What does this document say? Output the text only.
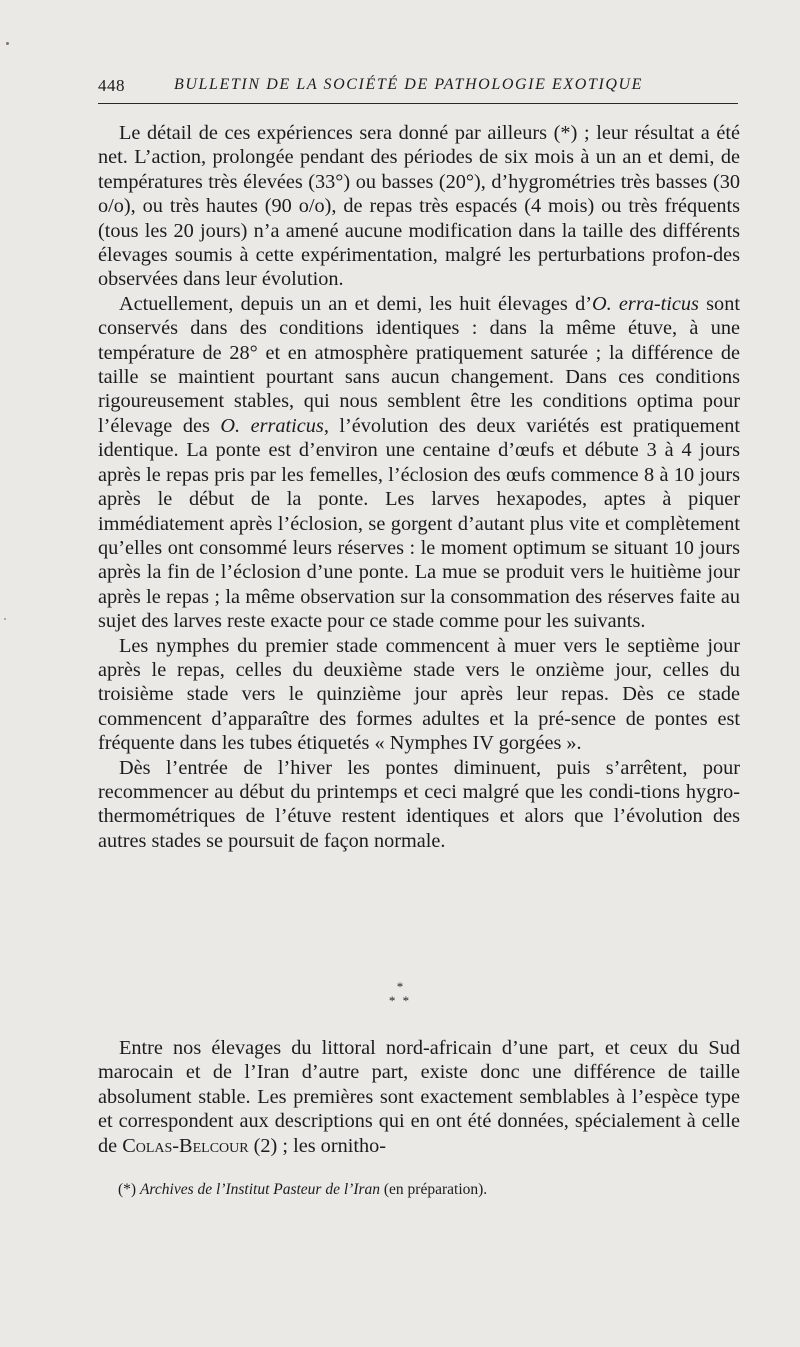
448	BULLETIN DE LA SOCIÉTÉ DE PATHOLOGIE EXOTIQUE

Le détail de ces expériences sera donné par ailleurs (*) ; leur résultat a été net. L’action, prolongée pendant des périodes de six mois à un an et demi, de températures très élevées (33°) ou basses (20°), d’hygrométries très basses (30 o/o), ou très hautes (90 o/o), de repas très espacés (4 mois) ou très fréquents (tous les 20 jours) n’a amené aucune modification dans la taille des différents élevages soumis à cette expérimentation, malgré les perturbations profon-des observées dans leur évolution.

Actuellement, depuis un an et demi, les huit élevages d’O. erra-ticus sont conservés dans des conditions identiques : dans la même étuve, à une température de 28° et en atmosphère pratiquement saturée ; la différence de taille se maintient pourtant sans aucun changement. Dans ces conditions rigoureusement stables, qui nous semblent être les conditions optima pour l’élevage des O. erraticus, l’évolution des deux variétés est pratiquement identique. La ponte est d’environ une centaine d’œufs et débute 3 à 4 jours après le repas pris par les femelles, l’éclosion des œufs commence 8 à 10 jours après le début de la ponte. Les larves hexapodes, aptes à piquer immédiatement après l’éclosion, se gorgent d’autant plus vite et complètement qu’elles ont consommé leurs réserves : le moment optimum se situant 10 jours après la fin de l’éclosion d’une ponte. La mue se produit vers le huitième jour après le repas ; la même observation sur la consommation des réserves faite au sujet des larves reste exacte pour ce stade comme pour les suivants.

Les nymphes du premier stade commencent à muer vers le septième jour après le repas, celles du deuxième stade vers le onzième jour, celles du troisième stade vers le quinzième jour après leur repas. Dès ce stade commencent d’apparaître des formes adultes et la pré-sence de pontes est fréquente dans les tubes étiquetés « Nymphes IV gorgées ».

Dès l’entrée de l’hiver les pontes diminuent, puis s’arrêtent, pour recommencer au début du printemps et ceci malgré que les condi-tions hygro-thermométriques de l’étuve restent identiques et alors que l’évolution des autres stades se poursuit de façon normale.

*
* *

Entre nos élevages du littoral nord-africain d’une part, et ceux du Sud marocain et de l’Iran d’autre part, existe donc une différence de taille absolument stable. Les premières sont exactement semblables à l’espèce type et correspondent aux descriptions qui en ont été données, spécialement à celle de Colas-Belcour (2) ; les ornitho-

(*) Archives de l’Institut Pasteur de l’Iran (en préparation).
